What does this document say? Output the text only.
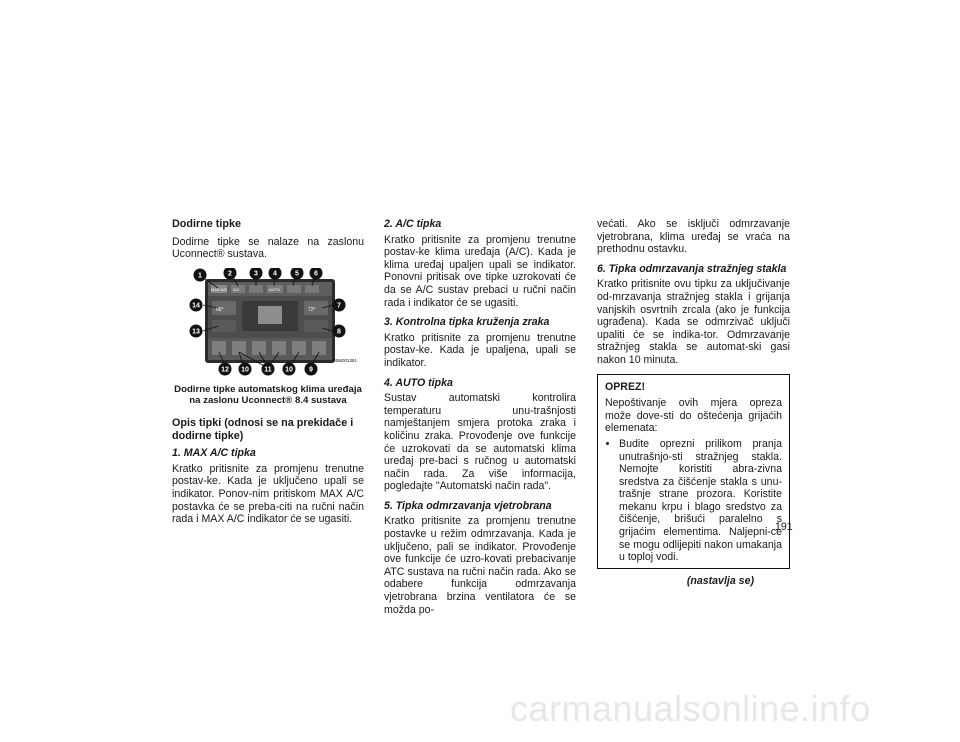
Dodirne tipke

Dodirne tipke se nalaze na zaslonu Uconnect® sustava.

MAX A/C A/C	AUTO
66°	72°
1	2	3 4	5 6
7
8
9
10
11
10
12
13
14
0456001381
Dodirne tipke automatskog klima uređaja na zaslonu Uconnect® 8.4 sustava
Opis tipki (odnosi se na prekidače i dodirne tipke)
1. MAX A/C tipka

Kratko pritisnite za promjenu trenutne postav-ke. Kada je uključeno upali se indikator. Ponov-nim pritiskom MAX A/C postavka će se preba-citi na ručni način rada i MAX A/C indikator će se ugasiti.

2. A/C tipka

Kratko pritisnite za promjenu trenutne postav-ke klima uređaja (A/C). Kada je klima uređaj upaljen upali se indikator. Ponovni pritisak ove tipke uzrokovati će da se A/C sustav prebaci u ručni način rada i indikator će se ugasiti.

3. Kontrolna tipka kruženja zraka

Kratko pritisnite za promjenu trenutne postav-ke. Kada je upaljena, upali se indikator.

4. AUTO tipka

Sustav automatski kontrolira temperaturu unu-trašnjosti namještanjem smjera protoka zraka i količinu zraka. Provođenje ove funkcije će uzrokovati da se automatski klima uređaj pre-baci s ručnog u automatski način rada. Za više informacija, pogledajte "Automatski način rada".

5. Tipka odmrzavanja vjetrobrana

Kratko pritisnite za promjenu trenutne postavke u režim odmrzavanja. Kada je uključeno, pali se indikator. Provođenje ove funkcije će uzro-kovati prebacivanje ATC sustava na ručni način rada. Ako se odabere funkcija odmrzavanja vjetrobrana brzina ventilatora će se možda po-

većati. Ako se isključi odmrzavanje vjetrobrana, klima uređaj se vraća na prethodnu ostavku.

6. Tipka odmrzavanja stražnjeg stakla

Kratko pritisnite ovu tipku za uključivanje od-mrzavanja stražnjeg stakla i grijanja vanjskih osvrtnih zrcala (ako je funkcija ugrađena). Kada se odmrzivač uključi upaliti će se indika-tor. Odmrzavanje stražnjeg stakla se automat-ski gasi nakon 10 minuta.

OPREZ!

Nepoštivanje ovih mjera opreza može dove-sti do oštećenja grijaćih elemenata:

• Budite oprezni prilikom pranja unutrašnjo-sti stražnjeg stakla. Nemojte koristiti abra-zivna sredstva za čišćenje stakla s unu-trašnje strane prozora. Koristite mekanu krpu i blago sredstvo za čišćenje, brišući paralelno s grijaćim elementima. Naljepni-ce se mogu odlijepiti nakon umakanja u toploj vodi.
(nastavlja se)
191
carmanualsonline.info
